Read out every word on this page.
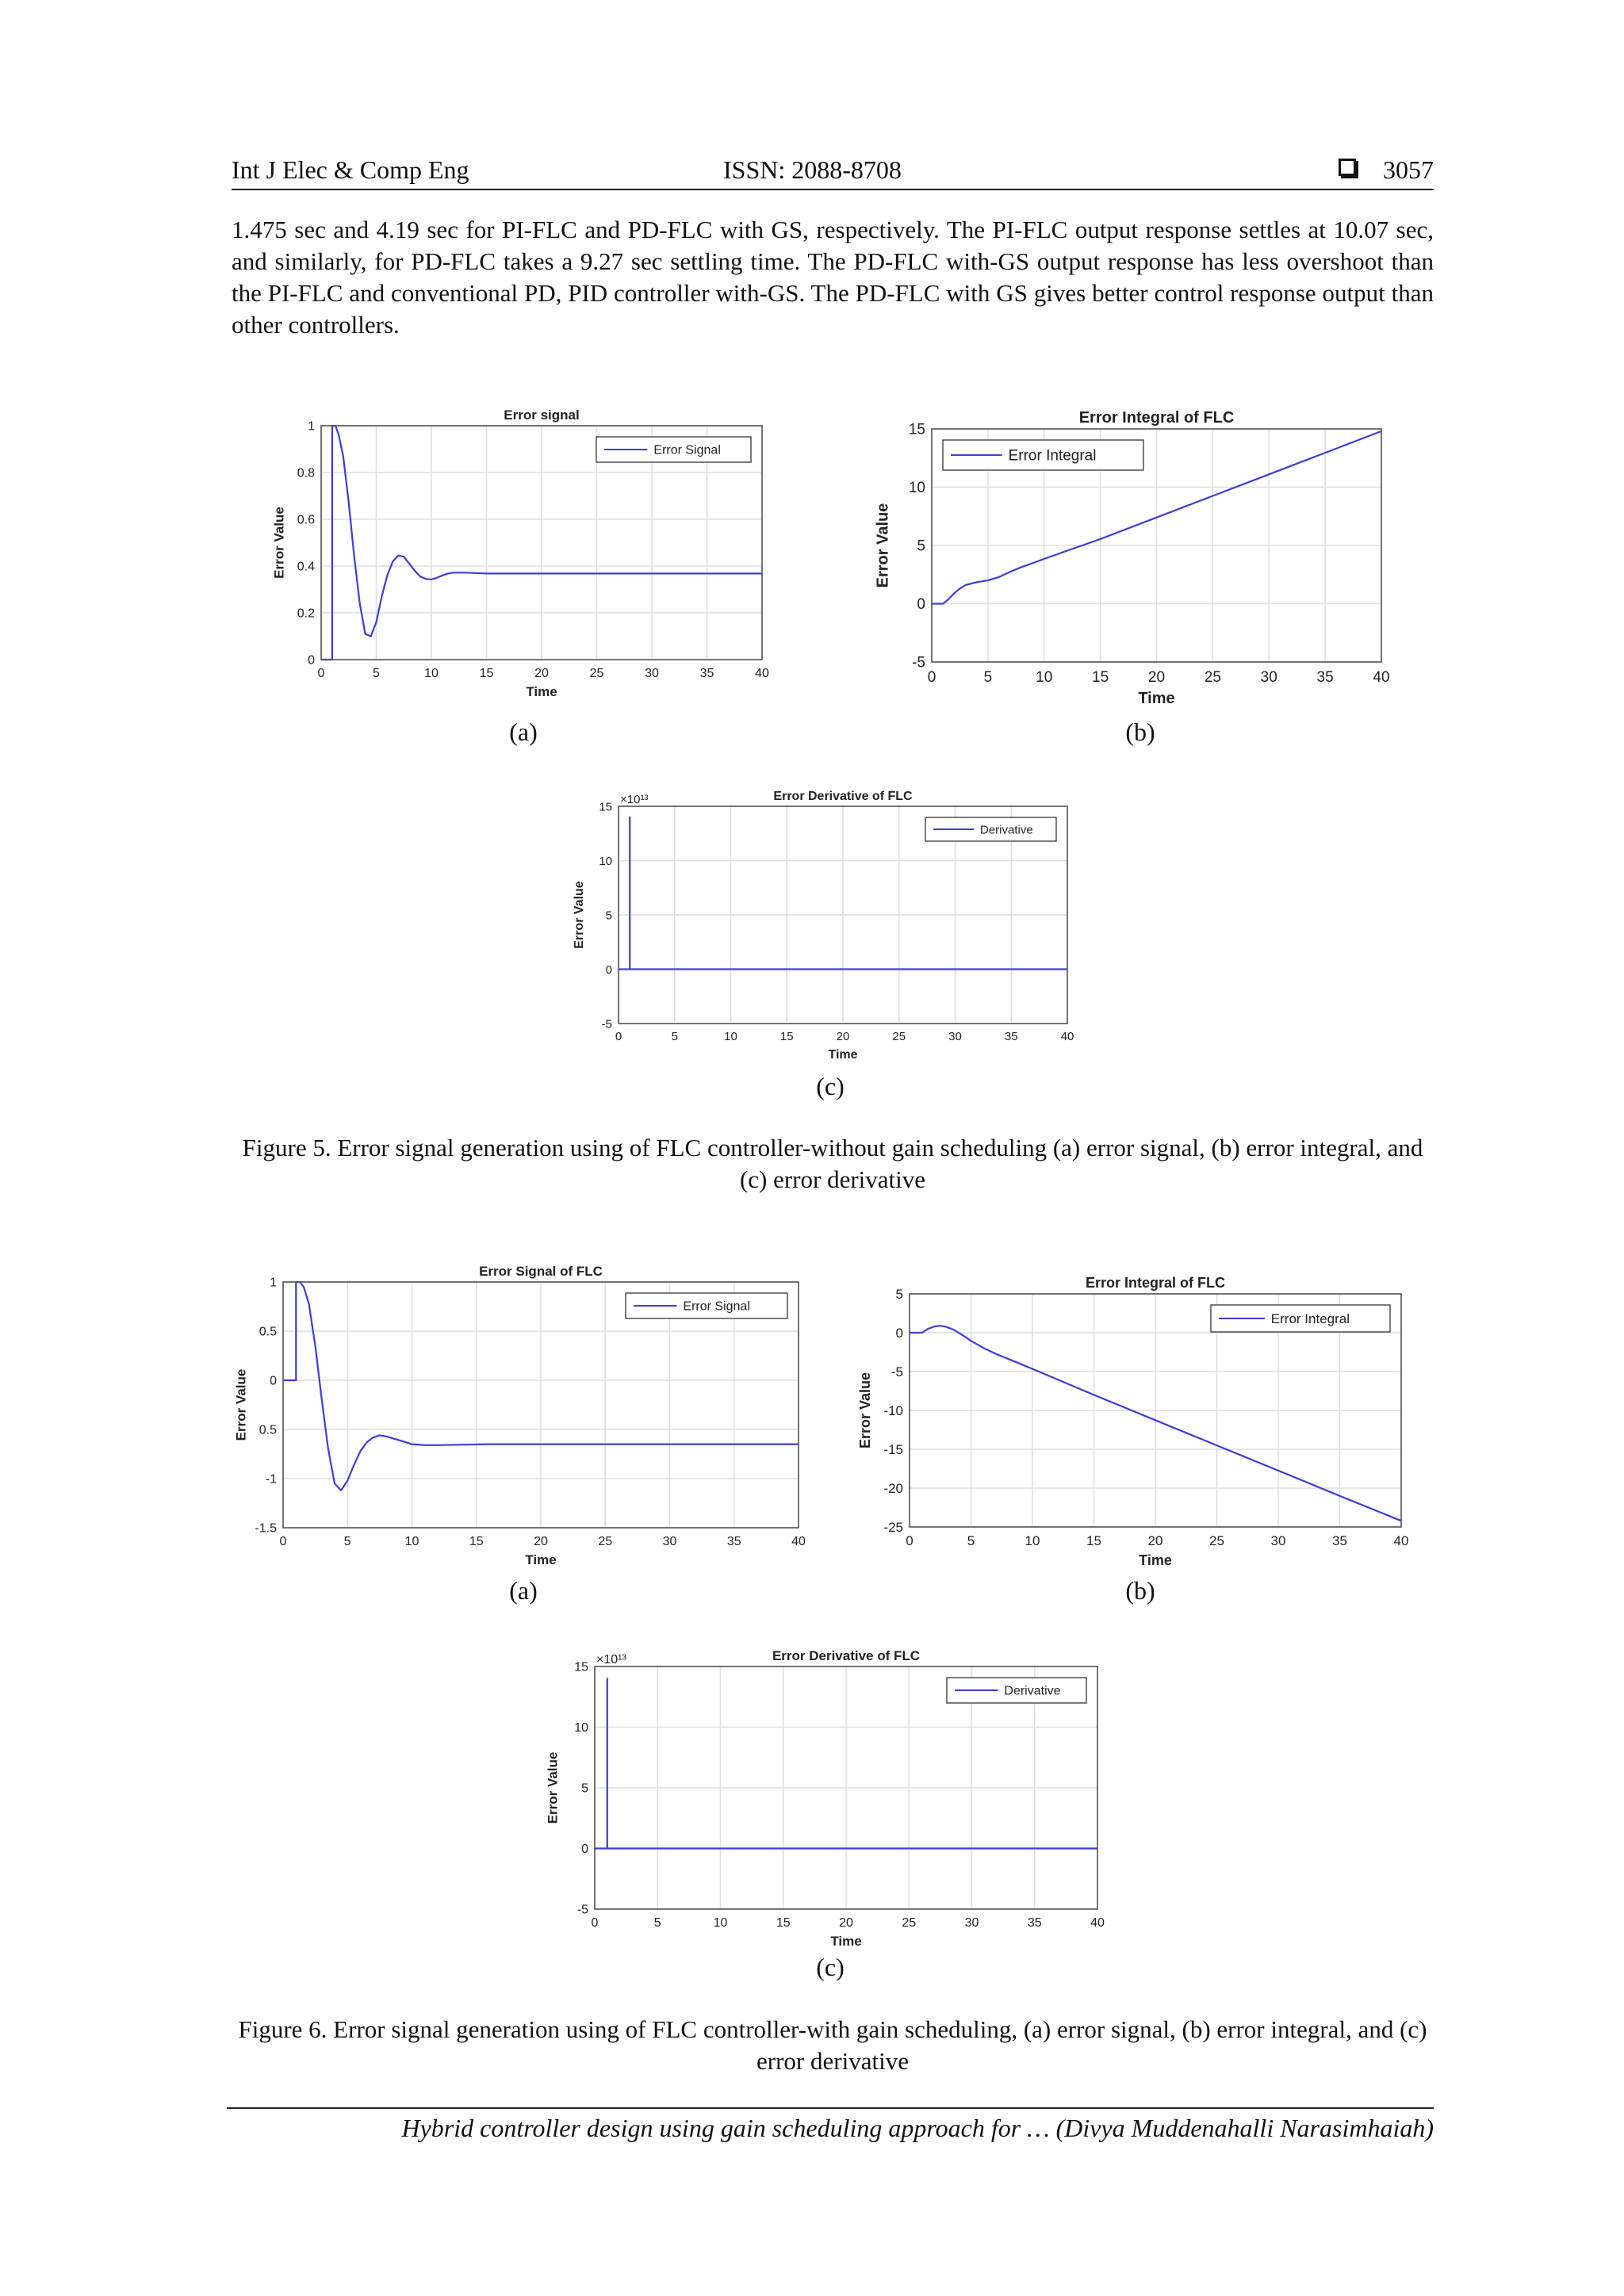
Int J Elec & Comp Eng	ISSN: 2088-8708	3057

1.475 sec and 4.19 sec for PI-FLC and PD-FLC with GS, respectively. The PI-FLC output response settles at 10.07 sec, and similarly, for PD-FLC takes a 9.27 sec settling time. The PD-FLC with-GS output response has less overshoot than the PI-FLC and conventional PD, PID controller with-GS. The PD-FLC with GS gives better control response output than other controllers.

0	5	10	15	20	25	30	35	40
0
0.2
0.4
0.6
0.8
1
Error signal
Time
Error Value
Error Signal
0	5	10	15	20	25	30	35	40
-5
0
5
10
15
Error Integral of FLC
Time
Error Value
Error Integral
(a)	(b)
0	5	10	15	20	25	30	35	40
-5
0
5
10
15
Error Derivative of FLC
Time
Error Value
×10¹³
Derivative
(c)

Figure 5. Error signal generation using of FLC controller-without gain scheduling (a) error signal, (b) error integral, and (c) error derivative

0	5	10	15	20	25	30	35	40
-1.5
-1
0.5
0
0.5
1
Error Signal of FLC
Time
Error Value
Error Signal
0	5	10	15	20	25	30	35	40
-25
-20
-15
-10
-5
0
5
Error Integral of FLC
Time
Error Value
Error Integral
(a)	(b)
0	5	10	15	20	25	30	35	40
-5
0
5
10
15
Error Derivative of FLC
Time
Error Value
×10¹³
Derivative
(c)

Figure 6. Error signal generation using of FLC controller-with gain scheduling, (a) error signal, (b) error integral, and (c) error derivative

Hybrid controller design using gain scheduling approach for … (Divya Muddenahalli Narasimhaiah)
